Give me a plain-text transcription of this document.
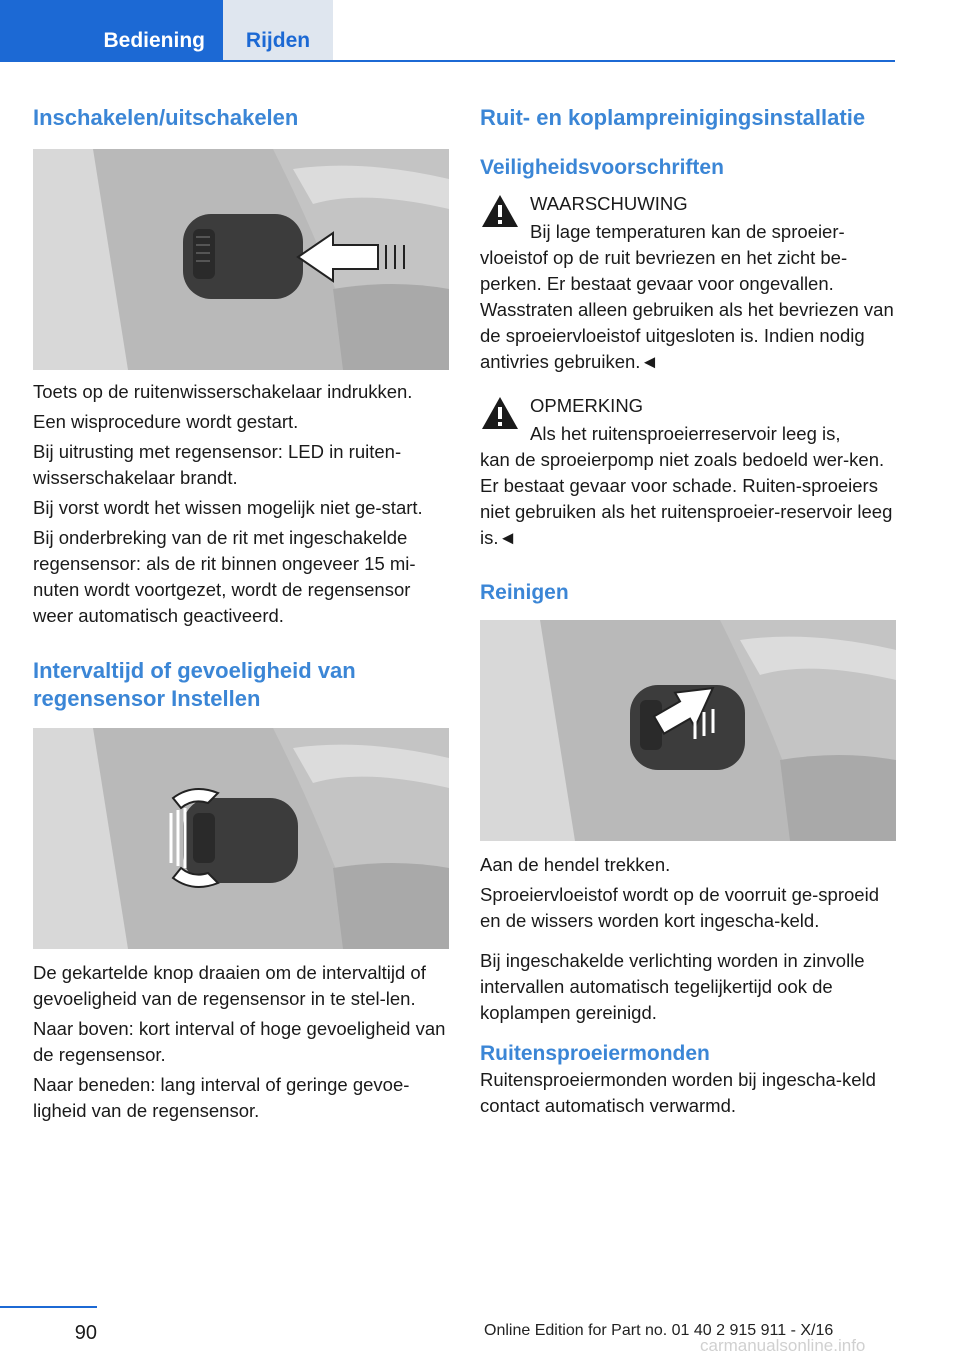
Bediening	Rijden
Inschakelen/uitschakelen

Toets op de ruitenwisserschakelaar indrukken.

Een wisprocedure wordt gestart.

Bij uitrusting met regensensor: LED in ruiten-wisserschakelaar brandt.

Bij vorst wordt het wissen mogelijk niet ge-start.

Bij onderbreking van de rit met ingeschakelde regensensor: als de rit binnen ongeveer 15 mi-nuten wordt voortgezet, wordt de regensensor weer automatisch geactiveerd.

Intervaltijd of gevoeligheid van regensensor Instellen

De gekartelde knop draaien om de intervaltijd of gevoeligheid van de regensensor in te stel-len.

Naar boven: kort interval of hoge gevoeligheid van de regensensor.

Naar beneden: lang interval of geringe gevoe-ligheid van de regensensor.

Ruit- en koplampreinigingsinstallatie
Veiligheidsvoorschriften

WAARSCHUWING

Bij lage temperaturen kan de sproeier-

vloeistof op de ruit bevriezen en het zicht be-perken. Er bestaat gevaar voor ongevallen. Wasstraten alleen gebruiken als het bevriezen van de sproeiervloeistof uitgesloten is. Indien nodig antivries gebruiken.◄

OPMERKING

Als het ruitensproeierreservoir leeg is,

kan de sproeierpomp niet zoals bedoeld wer-ken. Er bestaat gevaar voor schade. Ruiten-sproeiers niet gebruiken als het ruitensproeier-reservoir leeg is.◄

Reinigen

Aan de hendel trekken.

Sproeiervloeistof wordt op de voorruit ge-sproeid en de wissers worden kort ingescha-keld.

Bij ingeschakelde verlichting worden in zinvolle intervallen automatisch tegelijkertijd ook de koplampen gereinigd.

Ruitensproeiermonden

Ruitensproeiermonden worden bij ingescha-keld contact automatisch verwarmd.

90	Online Edition for Part no. 01 40 2 915 911 - X/16
carmanualsonline.info
